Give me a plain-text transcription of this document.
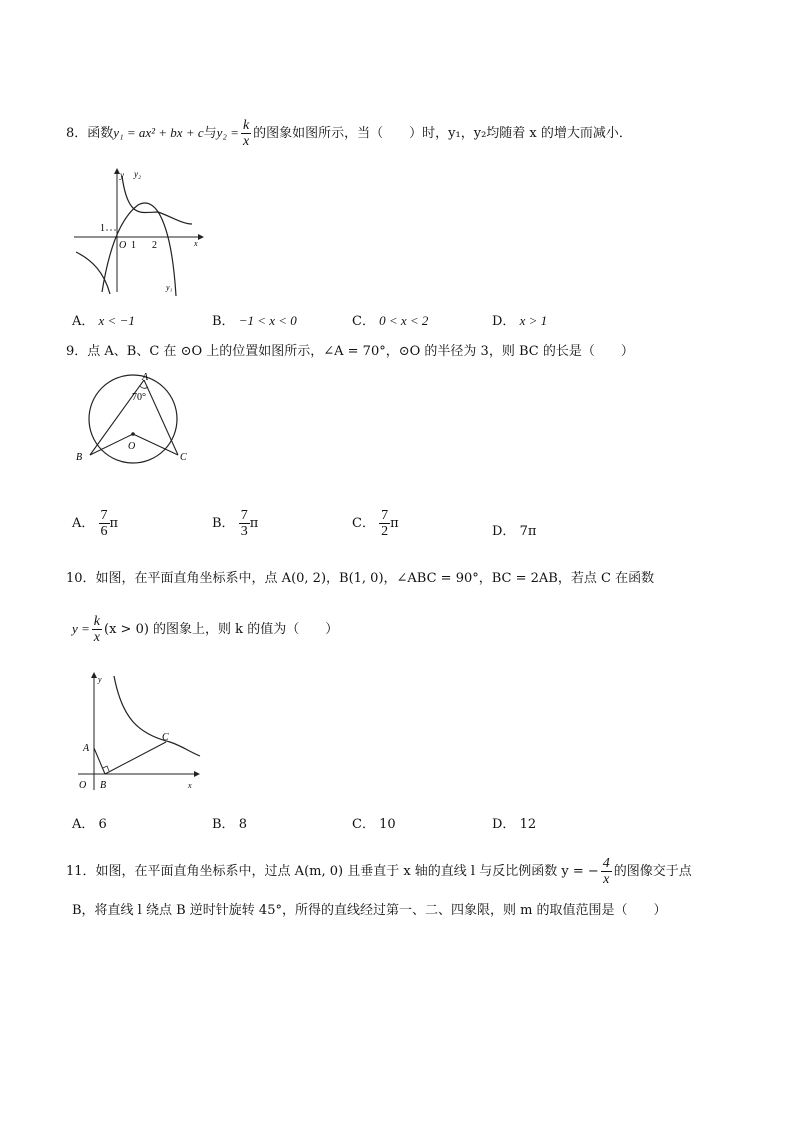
8．函数y₁ = ax² + bx + c与$y_2 = \frac{k}{x}$ 的图象如图所示，当（　　）时，y₁，y₂均随着 x 的增大而减小．
y y₂
1
O 1 2	x
y₁
A． x < −1	B． −1 < x < 0	C． 0 < x < 2	D． x > 1
9．点 A、B、C 在 ⊙O 上的位置如图所示，∠A = 70°，⊙O 的半径为 3，则 BC 的长是（　　）
A
70°
O
B	C
A． $\frac{7}{6}$ π	B． $\frac{7}{3}$ π	C． $\frac{7}{2}$ π
D． 7π
10．如图，在平面直角坐标系中，点 A(0, 2)，B(1, 0)，∠ABC = 90°，BC = 2AB，若点 C 在函数
$y = \frac{k}{x} (x > 0)$ 的图象上，则 k 的值为（　　）
y
A
C
O B	x
A． 6	B． 8	C． 10	D． 12
11．如图，在平面直角坐标系中，过点 A(m, 0) 且垂直于 x 轴的直线 l 与反比例函数 y = − $\frac{4}{x}$ 的图像交于点
B，将直线 l 绕点 B 逆时针旋转 45°，所得的直线经过第一、二、四象限，则 m 的取值范围是（　　）
